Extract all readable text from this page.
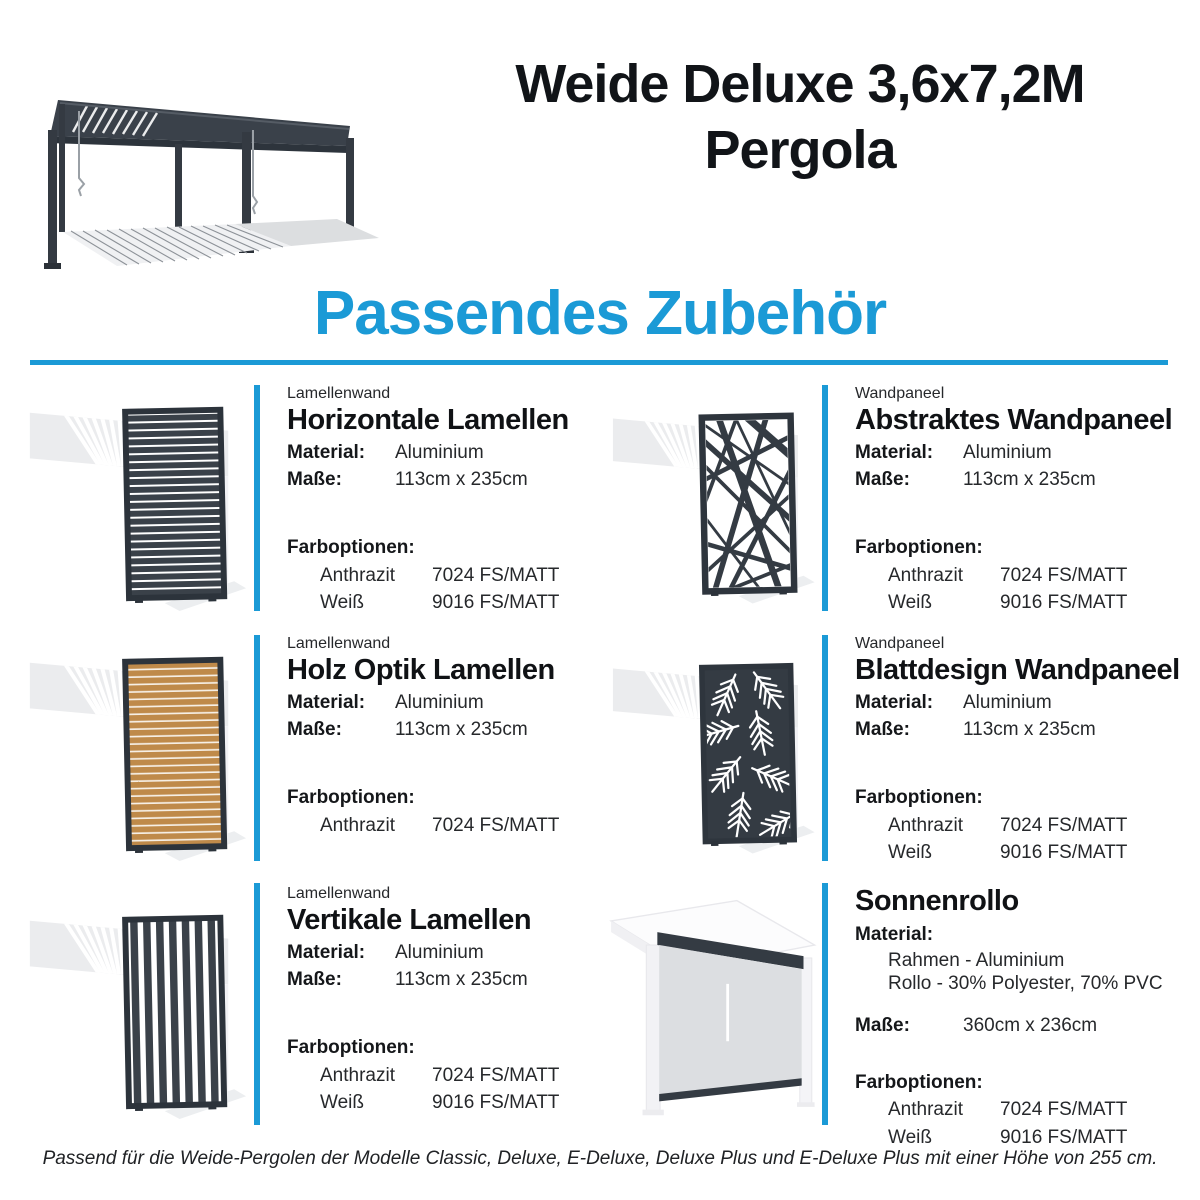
Weide Deluxe 3,6x7,2M
Pergola
Passendes Zubehör
Lamellenwand
Horizontale Lamellen
Material:	Aluminium
Maße:	113cm x 235cm
Farboptionen:
Anthrazit	7024 FS/MATT
Weiß	9016 FS/MATT
Wandpaneel
Abstraktes Wandpaneel
Material:	Aluminium
Maße:	113cm x 235cm
Farboptionen:
Anthrazit	7024 FS/MATT
Weiß	9016 FS/MATT
Lamellenwand
Holz Optik Lamellen
Material:	Aluminium
Maße:	113cm x 235cm
Farboptionen:
Anthrazit	7024 FS/MATT
Wandpaneel
Blattdesign Wandpaneel
Material:	Aluminium
Maße:	113cm x 235cm
Farboptionen:
Anthrazit	7024 FS/MATT
Weiß	9016 FS/MATT
Lamellenwand
Vertikale Lamellen
Material:	Aluminium
Maße:	113cm x 235cm
Farboptionen:
Anthrazit	7024 FS/MATT
Weiß	9016 FS/MATT
Sonnenrollo
Material:
Rahmen - Aluminium
Rollo - 30% Polyester, 70% PVC
Maße:	360cm x 236cm
Farboptionen:
Anthrazit	7024 FS/MATT
Weiß	9016 FS/MATT
Passend für die Weide-Pergolen der Modelle Classic, Deluxe, E-Deluxe, Deluxe Plus und E-Deluxe Plus mit einer Höhe von 255 cm.
